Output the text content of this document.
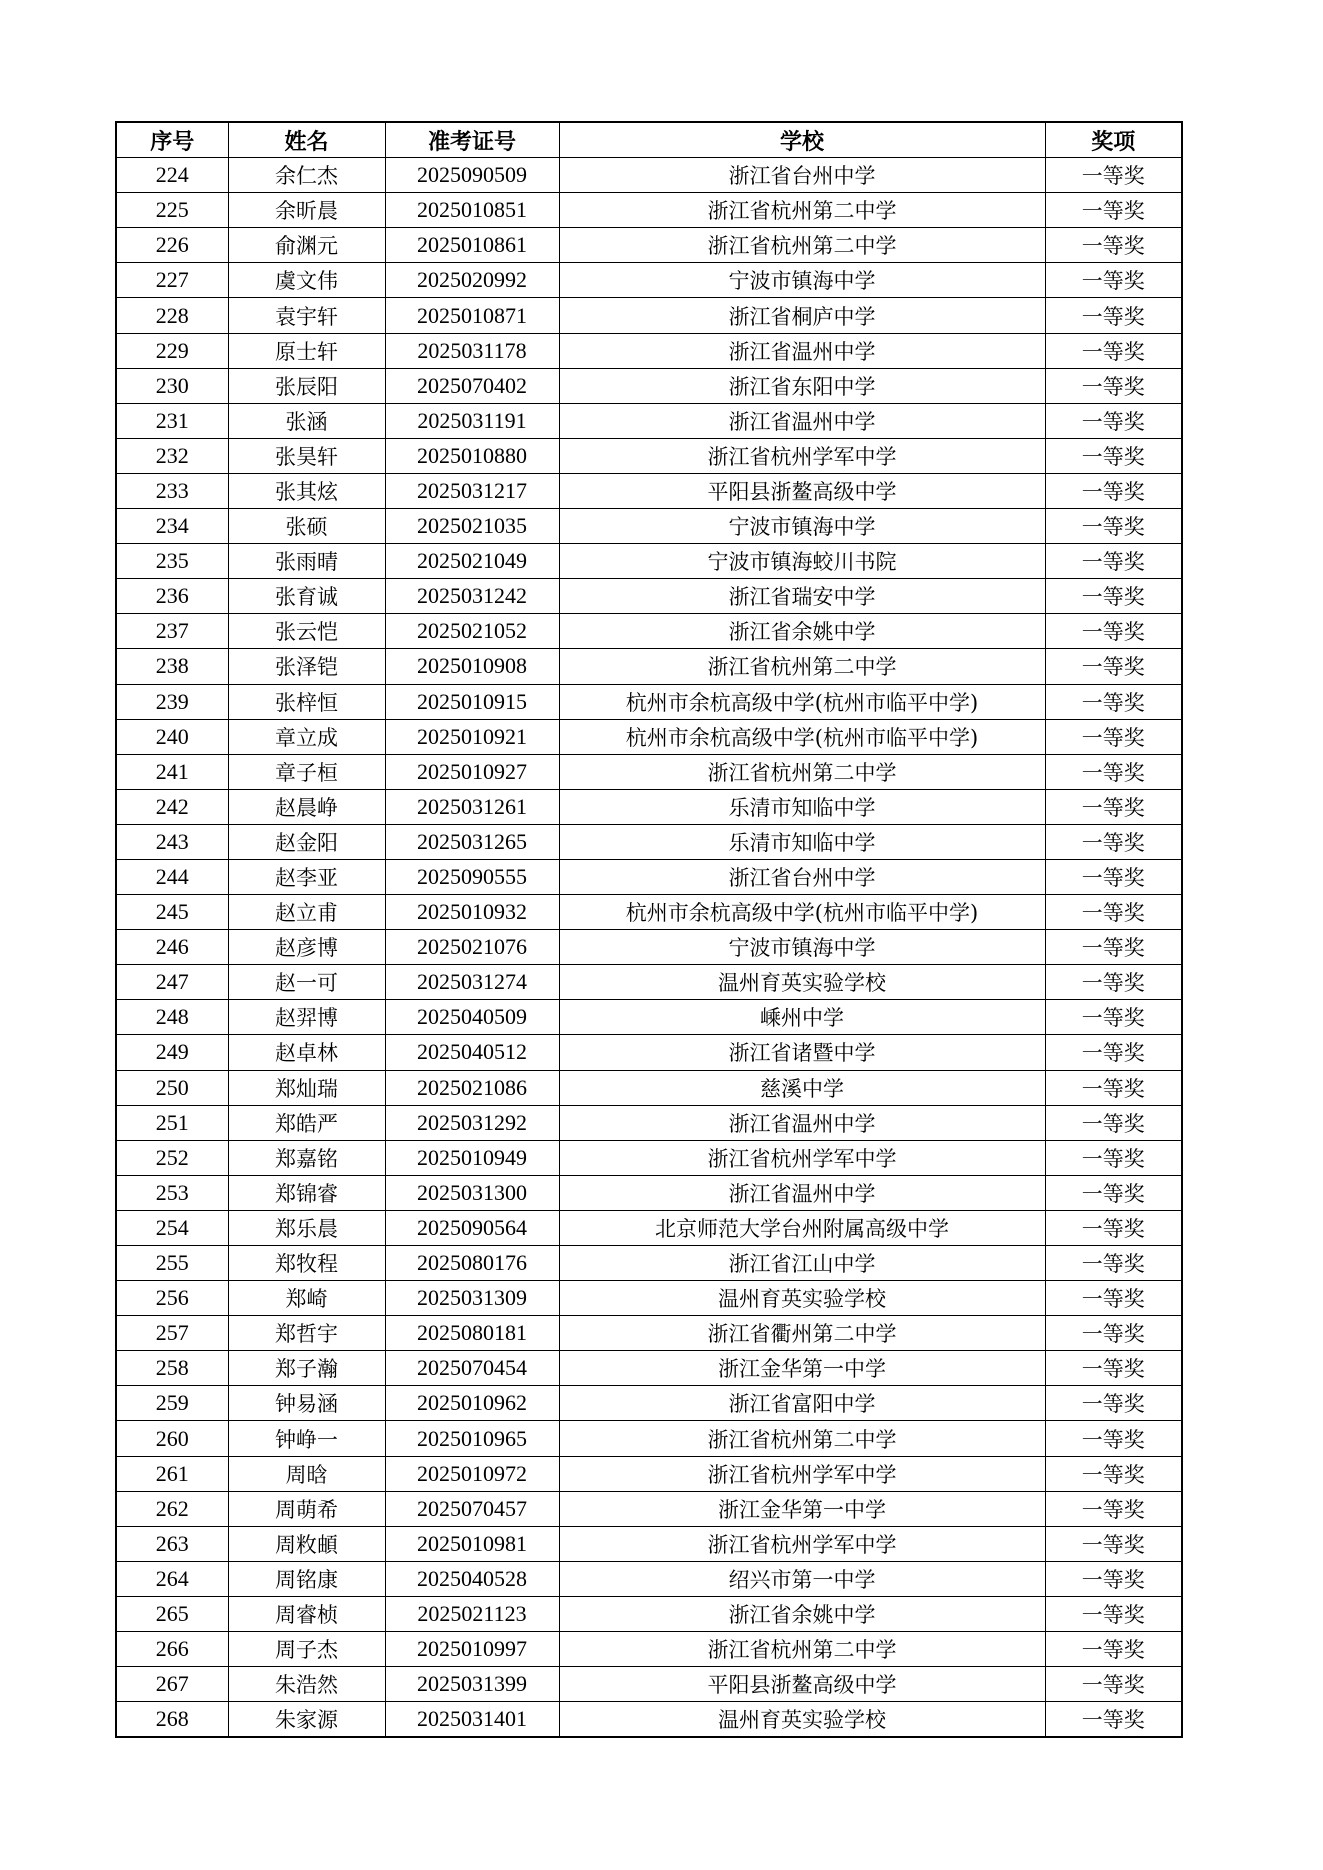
序号	姓名	准考证号	学校	奖项
224	余仁杰	2025090509	浙江省台州中学	一等奖
225	余昕晨	2025010851	浙江省杭州第二中学	一等奖
226	俞渊元	2025010861	浙江省杭州第二中学	一等奖
227	虞文伟	2025020992	宁波市镇海中学	一等奖
228	袁宇轩	2025010871	浙江省桐庐中学	一等奖
229	原士轩	2025031178	浙江省温州中学	一等奖
230	张辰阳	2025070402	浙江省东阳中学	一等奖
231	张涵	2025031191	浙江省温州中学	一等奖
232	张昊轩	2025010880	浙江省杭州学军中学	一等奖
233	张其炫	2025031217	平阳县浙鳌高级中学	一等奖
234	张硕	2025021035	宁波市镇海中学	一等奖
235	张雨晴	2025021049	宁波市镇海蛟川书院	一等奖
236	张育诚	2025031242	浙江省瑞安中学	一等奖
237	张云恺	2025021052	浙江省余姚中学	一等奖
238	张泽铠	2025010908	浙江省杭州第二中学	一等奖
239	张梓恒	2025010915	杭州市余杭高级中学(杭州市临平中学)	一等奖
240	章立成	2025010921	杭州市余杭高级中学(杭州市临平中学)	一等奖
241	章子桓	2025010927	浙江省杭州第二中学	一等奖
242	赵晨峥	2025031261	乐清市知临中学	一等奖
243	赵金阳	2025031265	乐清市知临中学	一等奖
244	赵李亚	2025090555	浙江省台州中学	一等奖
245	赵立甫	2025010932	杭州市余杭高级中学(杭州市临平中学)	一等奖
246	赵彦博	2025021076	宁波市镇海中学	一等奖
247	赵一可	2025031274	温州育英实验学校	一等奖
248	赵羿博	2025040509	嵊州中学	一等奖
249	赵卓林	2025040512	浙江省诸暨中学	一等奖
250	郑灿瑞	2025021086	慈溪中学	一等奖
251	郑皓严	2025031292	浙江省温州中学	一等奖
252	郑嘉铭	2025010949	浙江省杭州学军中学	一等奖
253	郑锦睿	2025031300	浙江省温州中学	一等奖
254	郑乐晨	2025090564	北京师范大学台州附属高级中学	一等奖
255	郑牧程	2025080176	浙江省江山中学	一等奖
256	郑崎	2025031309	温州育英实验学校	一等奖
257	郑哲宇	2025080181	浙江省衢州第二中学	一等奖
258	郑子瀚	2025070454	浙江金华第一中学	一等奖
259	钟易涵	2025010962	浙江省富阳中学	一等奖
260	钟峥一	2025010965	浙江省杭州第二中学	一等奖
261	周晗	2025010972	浙江省杭州学军中学	一等奖
262	周萌希	2025070457	浙江金华第一中学	一等奖
263	周敉頔	2025010981	浙江省杭州学军中学	一等奖
264	周铭康	2025040528	绍兴市第一中学	一等奖
265	周睿桢	2025021123	浙江省余姚中学	一等奖
266	周子杰	2025010997	浙江省杭州第二中学	一等奖
267	朱浩然	2025031399	平阳县浙鳌高级中学	一等奖
268	朱家源	2025031401	温州育英实验学校	一等奖
